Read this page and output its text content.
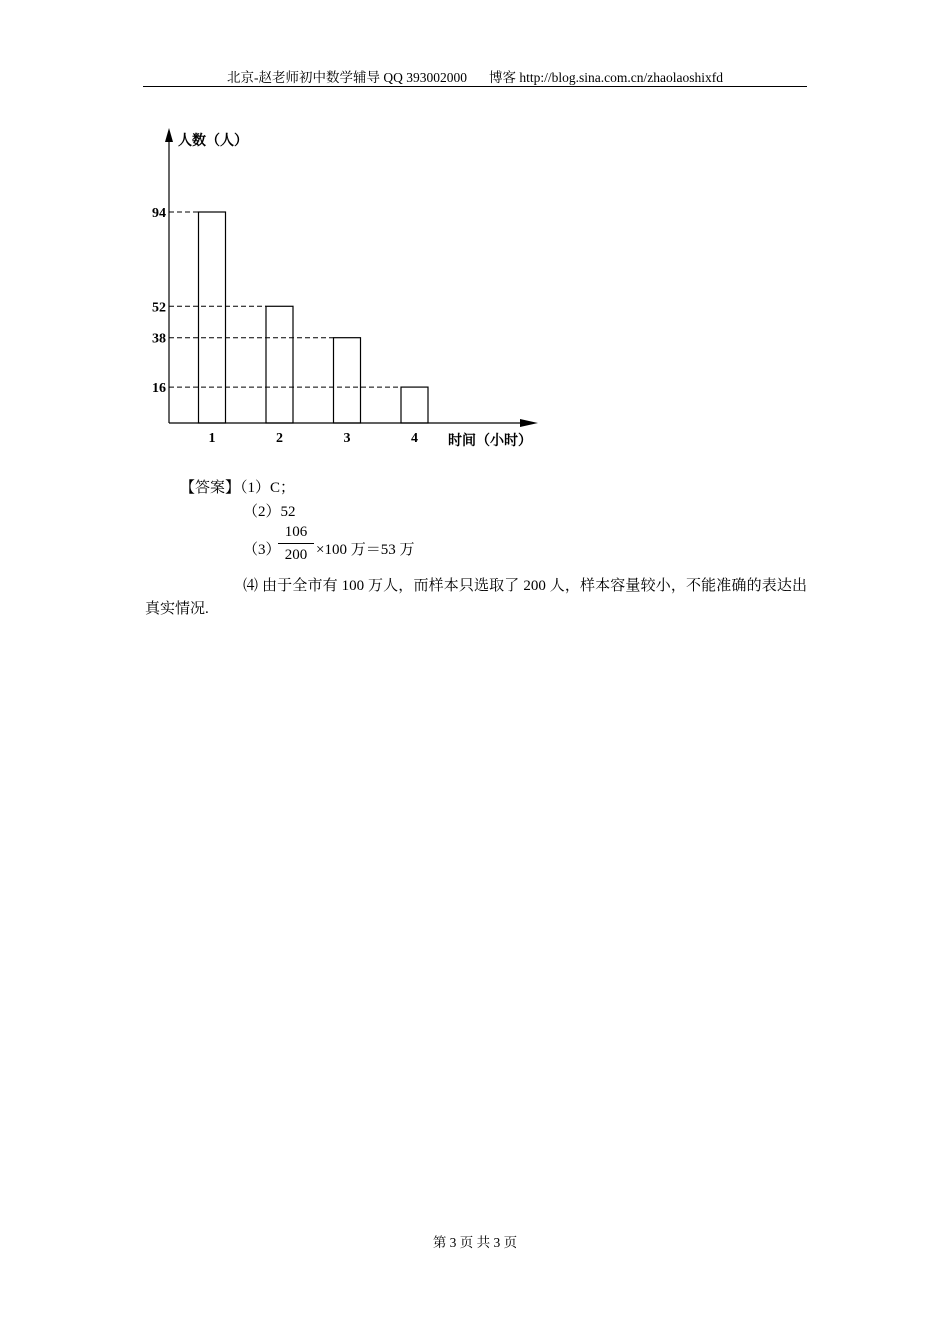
北京-赵老师初中数学辅导 QQ 393002000 博客 http://blog.sina.com.cn/zhaolaoshixfd
人数（人）
时间（小时）
94
1
52
2
38
3
16
4
【答案】（1）C；
（2）52
（3）
106
200 ×100 万＝53 万
⑷ 由于全市有 100 万人，而样本只选取了 200 人，样本容量较小，不能准确的表达出真实情况.
第 3 页 共 3 页
